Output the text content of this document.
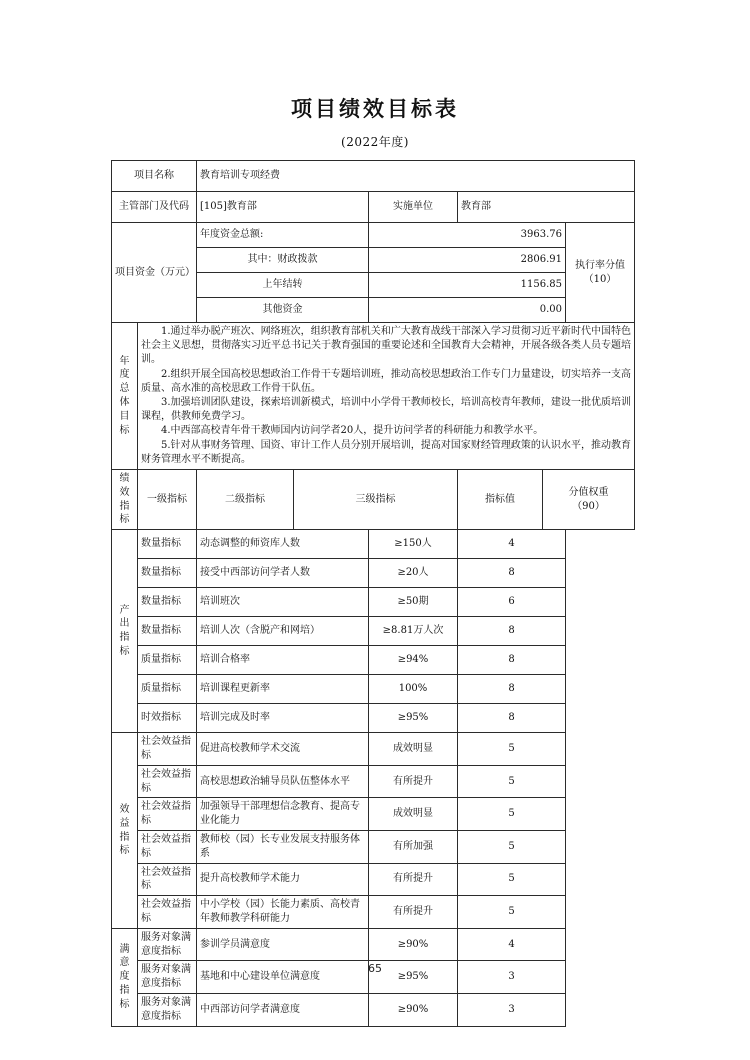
项目绩效目标表
(2022年度)
项目名称		教育培训专项经费					
主管部门及代码		[105]教育部		实施单位	教育部		
项目资金（万元）		年度资金总额:		3963.76			执行率分值
（10）

		其中：财政拨款		2806.91			
		上年结转		1156.85			
		其他资金		0.00			
年度总体目标	1.通过举办脱产班次、网络班次，组织教育部机关和广大教育战线干部深入学习贯彻习近平新时代中国特色社会主义思想，贯彻落实习近平总书记关于教育强国的重要论述和全国教育大会精神，开展各级各类人员专题培训。

2.组织开展全国高校思想政治工作骨干专题培训班，推动高校思想政治工作专门力量建设，切实培养一支高质量、高水准的高校思政工作骨干队伍。

3.加强培训团队建设，探索培训新模式，培训中小学骨干教师校长，培训高校青年教师，建设一批优质培训课程，供教师免费学习。

4.中西部高校青年骨干教师国内访问学者20人，提升访问学者的科研能力和教学水平。

5.针对从事财务管理、国资、审计工作人员分别开展培训，提高对国家财经管理政策的认识水平，推动教育财务管理水平不断提高。						

绩效指标	一级指标	二级指标	三级指标		指标值	分值权重
（90）	

产出指标	数量指标	动态调整的师资库人数		≥150人	4		
	数量指标	接受中西部访问学者人数		≥20人	8		
	数量指标	培训班次		≥50期	6		
	数量指标	培训人次（含脱产和网培）		≥8.81万人次	8		
	质量指标	培训合格率		≥94%	8		
	质量指标	培训课程更新率		100%	8		
	时效指标	培训完成及时率		≥95%	8		
效益指标	社会效益指标	促进高校教师学术交流		成效明显	5		
	社会效益指标	高校思想政治辅导员队伍整体水平		有所提升	5		
	社会效益指标	加强领导干部理想信念教育、提高专业化能力		成效明显	5		
	社会效益指标	教师校（园）长专业发展支持服务体系		有所加强	5		
	社会效益指标	提升高校教师学术能力		有所提升	5		
	社会效益指标	中小学校（园）长能力素质、高校青年教师教学科研能力		有所提升	5		
满意度指标	服务对象满意度指标	参训学员满意度		≥90%	4		
	服务对象满意度指标	基地和中心建设单位满意度		≥95%	3		
	服务对象满意度指标	中西部访问学者满意度		≥90%	3		
65
